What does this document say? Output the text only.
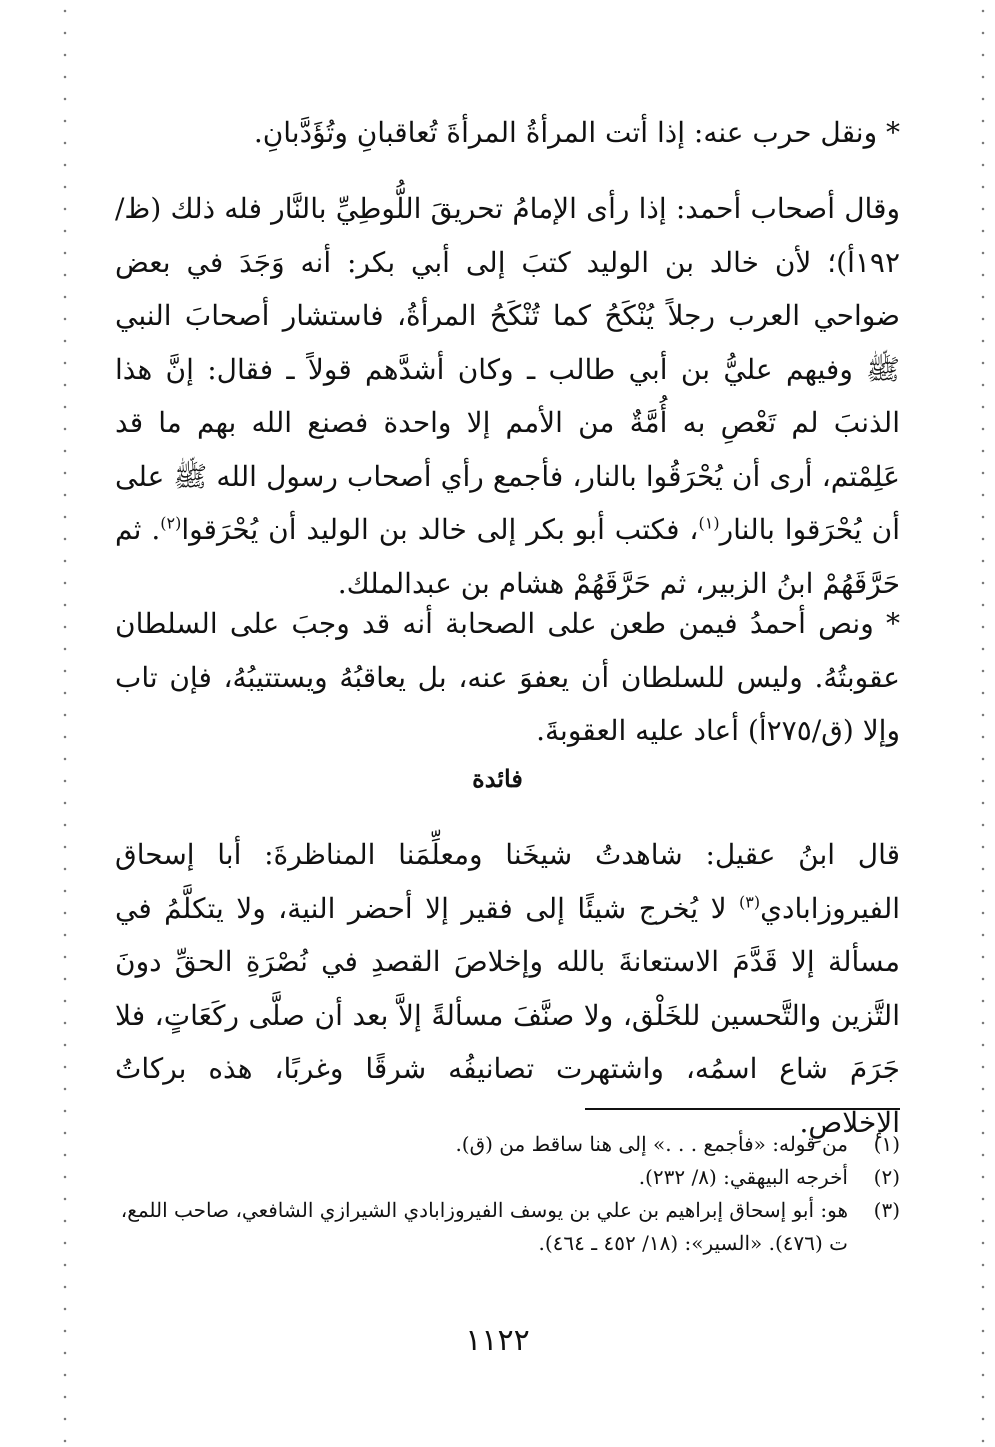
* ونقل حرب عنه: إذا أتت المرأةُ المرأةَ تُعاقبانِ وتُؤَدَّبانِ.

وقال أصحاب أحمد: إذا رأى الإمامُ تحريقَ اللُّوطِيِّ بالنَّار فله ذلك (ظ/١٩٢أ)؛ لأن خالد بن الوليد كتبَ إلى أبي بكر: أنه وَجَدَ في بعض ضواحي العرب رجلاً يُنْكَحُ كما تُنْكَحُ المرأةُ، فاستشار أصحابَ النبي ﷺ وفيهم عليُّ بن أبي طالب ـ وكان أشدَّهم قولاً ـ فقال: إنَّ هذا الذنبَ لم تَعْصِ به أُمَّةٌ من الأمم إلا واحدة فصنع الله بهم ما قد عَلِمْتم، أرى أن يُحْرَقُوا بالنار، فأجمع رأي أصحاب رسول الله ﷺ على أن يُحْرَقوا بالنار$^{(١)}$، فكتب أبو بكر إلى خالد بن الوليد أن يُحْرَقوا$^{(٢)}$. ثم حَرَّقَهُمْ ابنُ الزبير، ثم حَرَّقَهُمْ هشام بن عبدالملك.

* ونص أحمدُ فيمن طعن على الصحابة أنه قد وجبَ على السلطان عقوبتُهُ. وليس للسلطان أن يعفوَ عنه، بل يعاقبُهُ ويستتيبُهُ، فإن تاب وإلا (ق/٢٧٥أ) أعاد عليه العقوبةَ.

فائدة

قال ابنُ عقيل: شاهدتُ شيخَنا ومعلِّمَنا المناظرةَ: أبا إسحاق الفيروزابادي$^{(٣)}$ لا يُخرج شيئًا إلى فقير إلا أحضر النية، ولا يتكلَّمُ في مسألة إلا قَدَّمَ الاستعانةَ بالله وإخلاصَ القصدِ في نُصْرَةِ الحقِّ دونَ التَّزين والتَّحسين للخَلْق، ولا صنَّفَ مسألةً إلاَّ بعد أن صلَّى ركَعَاتٍ، فلا جَرَمَ شاع اسمُه، واشتهرت تصانيفُه شرقًا وغربًا، هذه بركاتُ الإخلاصِ.

(١)
من قوله: «فأجمع . . .» إلى هنا ساقط من (ق).
(٢)
أخرجه البيهقي: (٨/ ٢٣٢).
(٣)
هو: أبو إسحاق إبراهيم بن علي بن يوسف الفيروزابادي الشيرازي الشافعي، صاحب اللمع، ت (٤٧٦). «السير»: (١٨/ ٤٥٢ ـ ٤٦٤).
١١٢٢
